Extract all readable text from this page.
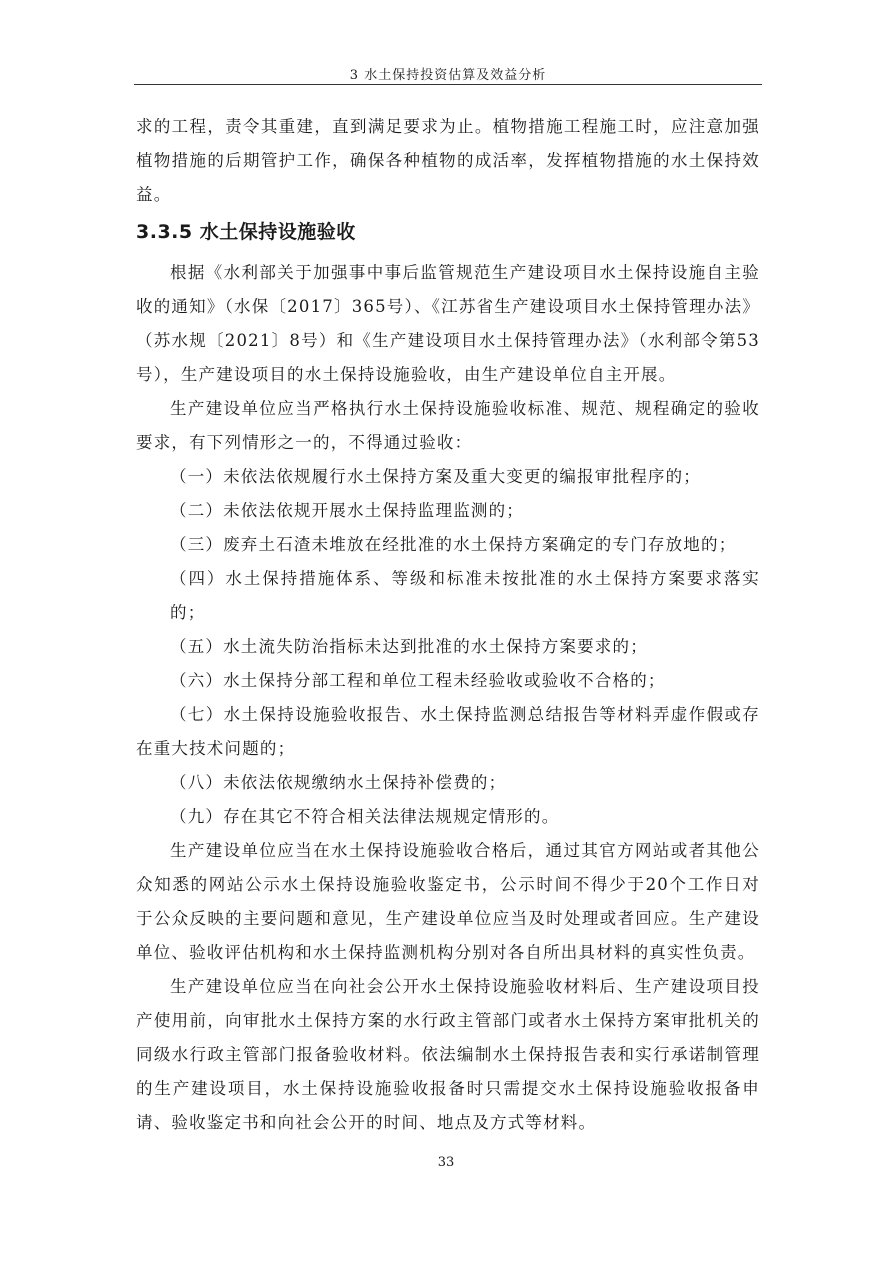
3 水土保持投资估算及效益分析

求的工程，责令其重建，直到满足要求为止。植物措施工程施工时，应注意加强植物措施的后期管护工作，确保各种植物的成活率，发挥植物措施的水土保持效益。

3.3.5 水土保持设施验收

根据《水利部关于加强事中事后监管规范生产建设项目水土保持设施自主验收的通知》（水保〔2017〕365号）、《江苏省生产建设项目水土保持管理办法》（苏水规〔2021〕8号）和《生产建设项目水土保持管理办法》（水利部令第53号），生产建设项目的水土保持设施验收，由生产建设单位自主开展。

生产建设单位应当严格执行水土保持设施验收标准、规范、规程确定的验收要求，有下列情形之一的，不得通过验收：

（一）未依法依规履行水土保持方案及重大变更的编报审批程序的；

（二）未依法依规开展水土保持监理监测的；

（三）废弃土石渣未堆放在经批准的水土保持方案确定的专门存放地的；

（四）水土保持措施体系、等级和标准未按批准的水土保持方案要求落实的；

（五）水土流失防治指标未达到批准的水土保持方案要求的；

（六）水土保持分部工程和单位工程未经验收或验收不合格的；

（七）水土保持设施验收报告、水土保持监测总结报告等材料弄虚作假或存在重大技术问题的；

（八）未依法依规缴纳水土保持补偿费的；

（九）存在其它不符合相关法律法规规定情形的。

生产建设单位应当在水土保持设施验收合格后，通过其官方网站或者其他公众知悉的网站公示水土保持设施验收鉴定书，公示时间不得少于20个工作日对于公众反映的主要问题和意见，生产建设单位应当及时处理或者回应。生产建设单位、验收评估机构和水土保持监测机构分别对各自所出具材料的真实性负责。

生产建设单位应当在向社会公开水土保持设施验收材料后、生产建设项目投产使用前，向审批水土保持方案的水行政主管部门或者水土保持方案审批机关的同级水行政主管部门报备验收材料。依法编制水土保持报告表和实行承诺制管理的生产建设项目，水土保持设施验收报备时只需提交水土保持设施验收报备申请、验收鉴定书和向社会公开的时间、地点及方式等材料。

33
